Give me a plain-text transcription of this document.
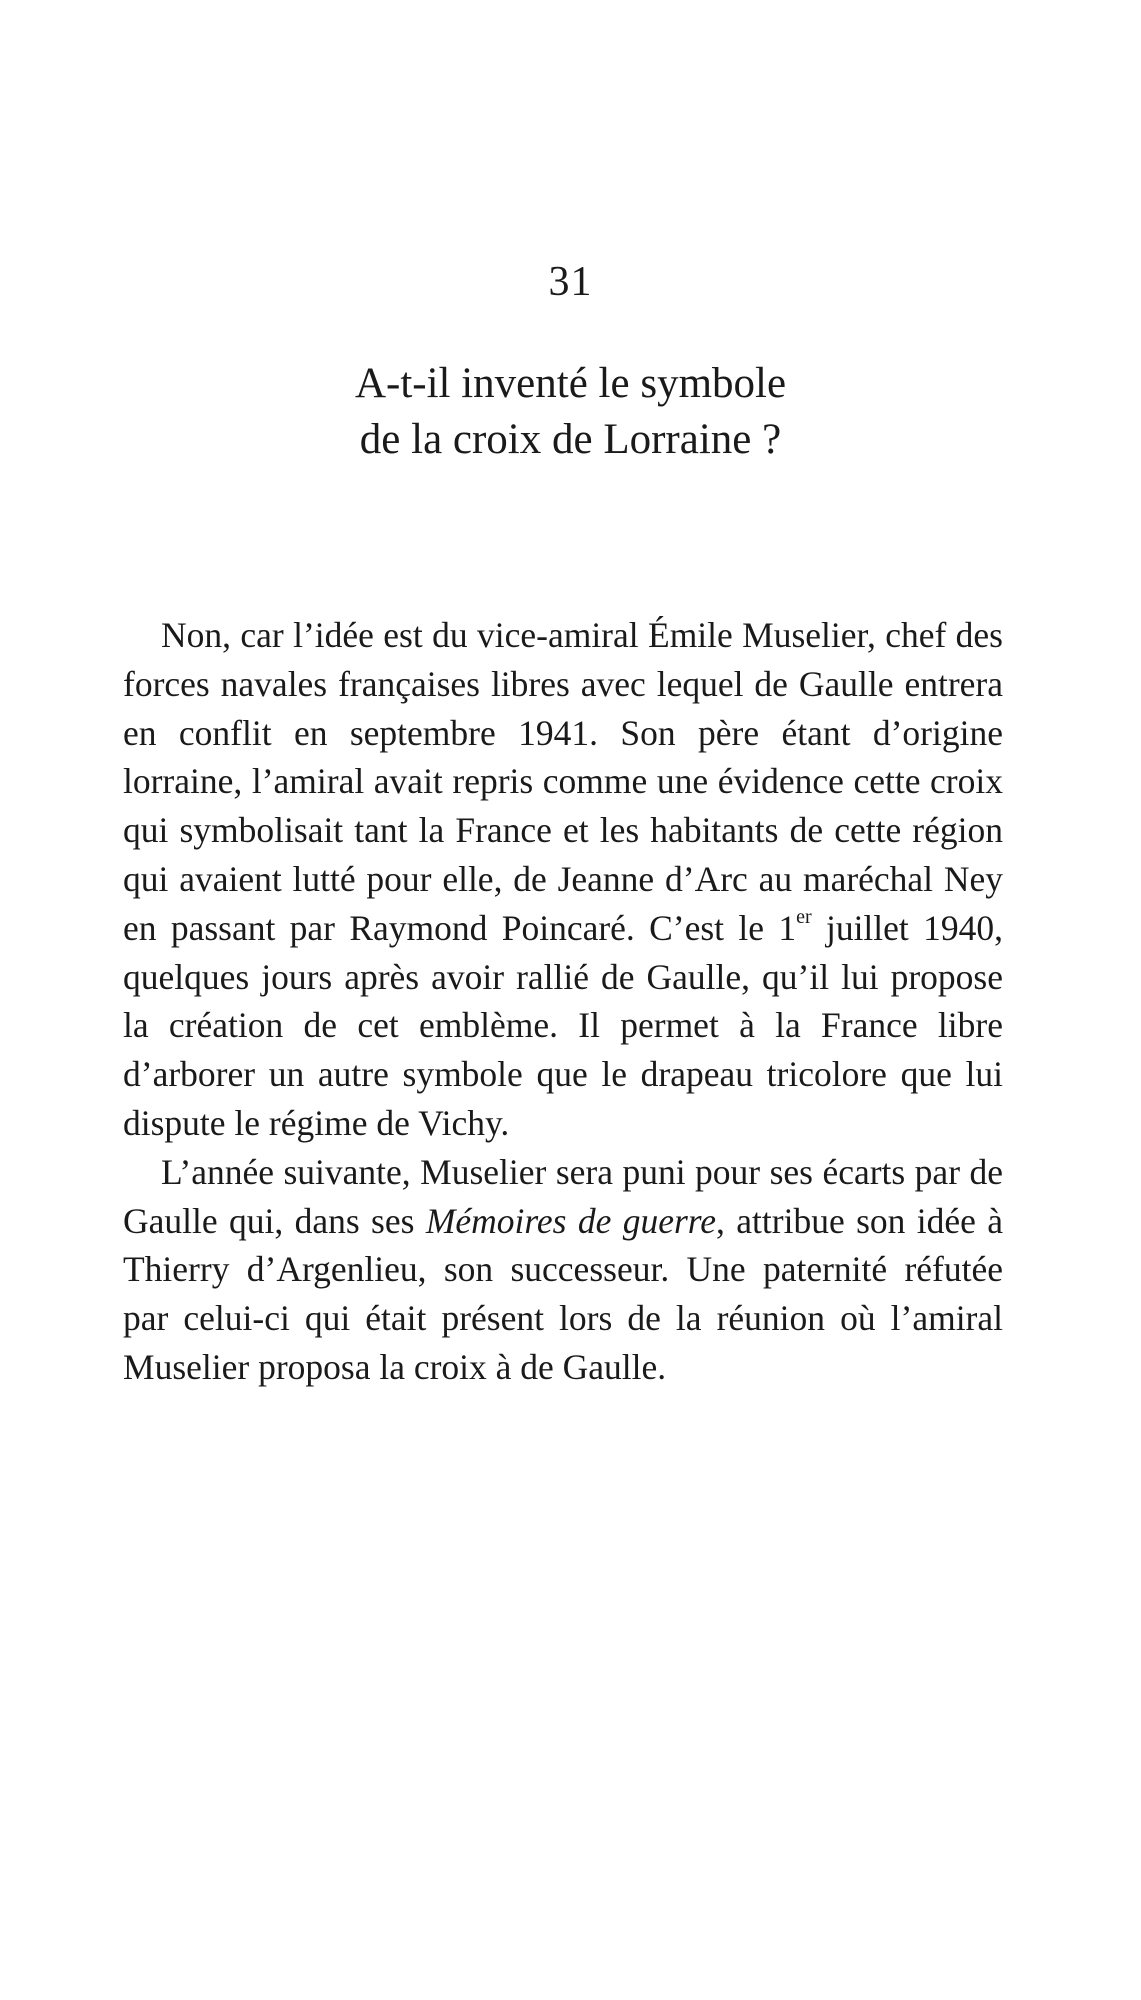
31
A-t-il inventé le symbole
de la croix de Lorraine ?

Non, car l’idée est du vice-amiral Émile Muselier, chef des forces navales françaises libres avec lequel de Gaulle entrera en conflit en septembre 1941. Son père étant d’origine lorraine, l’amiral avait repris comme une évidence cette croix qui symbolisait tant la France et les habitants de cette région qui avaient lutté pour elle, de Jeanne d’Arc au maréchal Ney en passant par Raymond Poincaré. C’est le 1er juillet 1940, quelques jours après avoir rallié de Gaulle, qu’il lui propose la création de cet emblème. Il permet à la France libre d’arborer un autre symbole que le drapeau tricolore que lui dispute le régime de Vichy.

L’année suivante, Muselier sera puni pour ses écarts par de Gaulle qui, dans ses Mémoires de guerre, attribue son idée à Thierry d’Argenlieu, son successeur. Une paternité réfutée par celui-ci qui était présent lors de la réunion où l’amiral Muselier proposa la croix à de Gaulle.
